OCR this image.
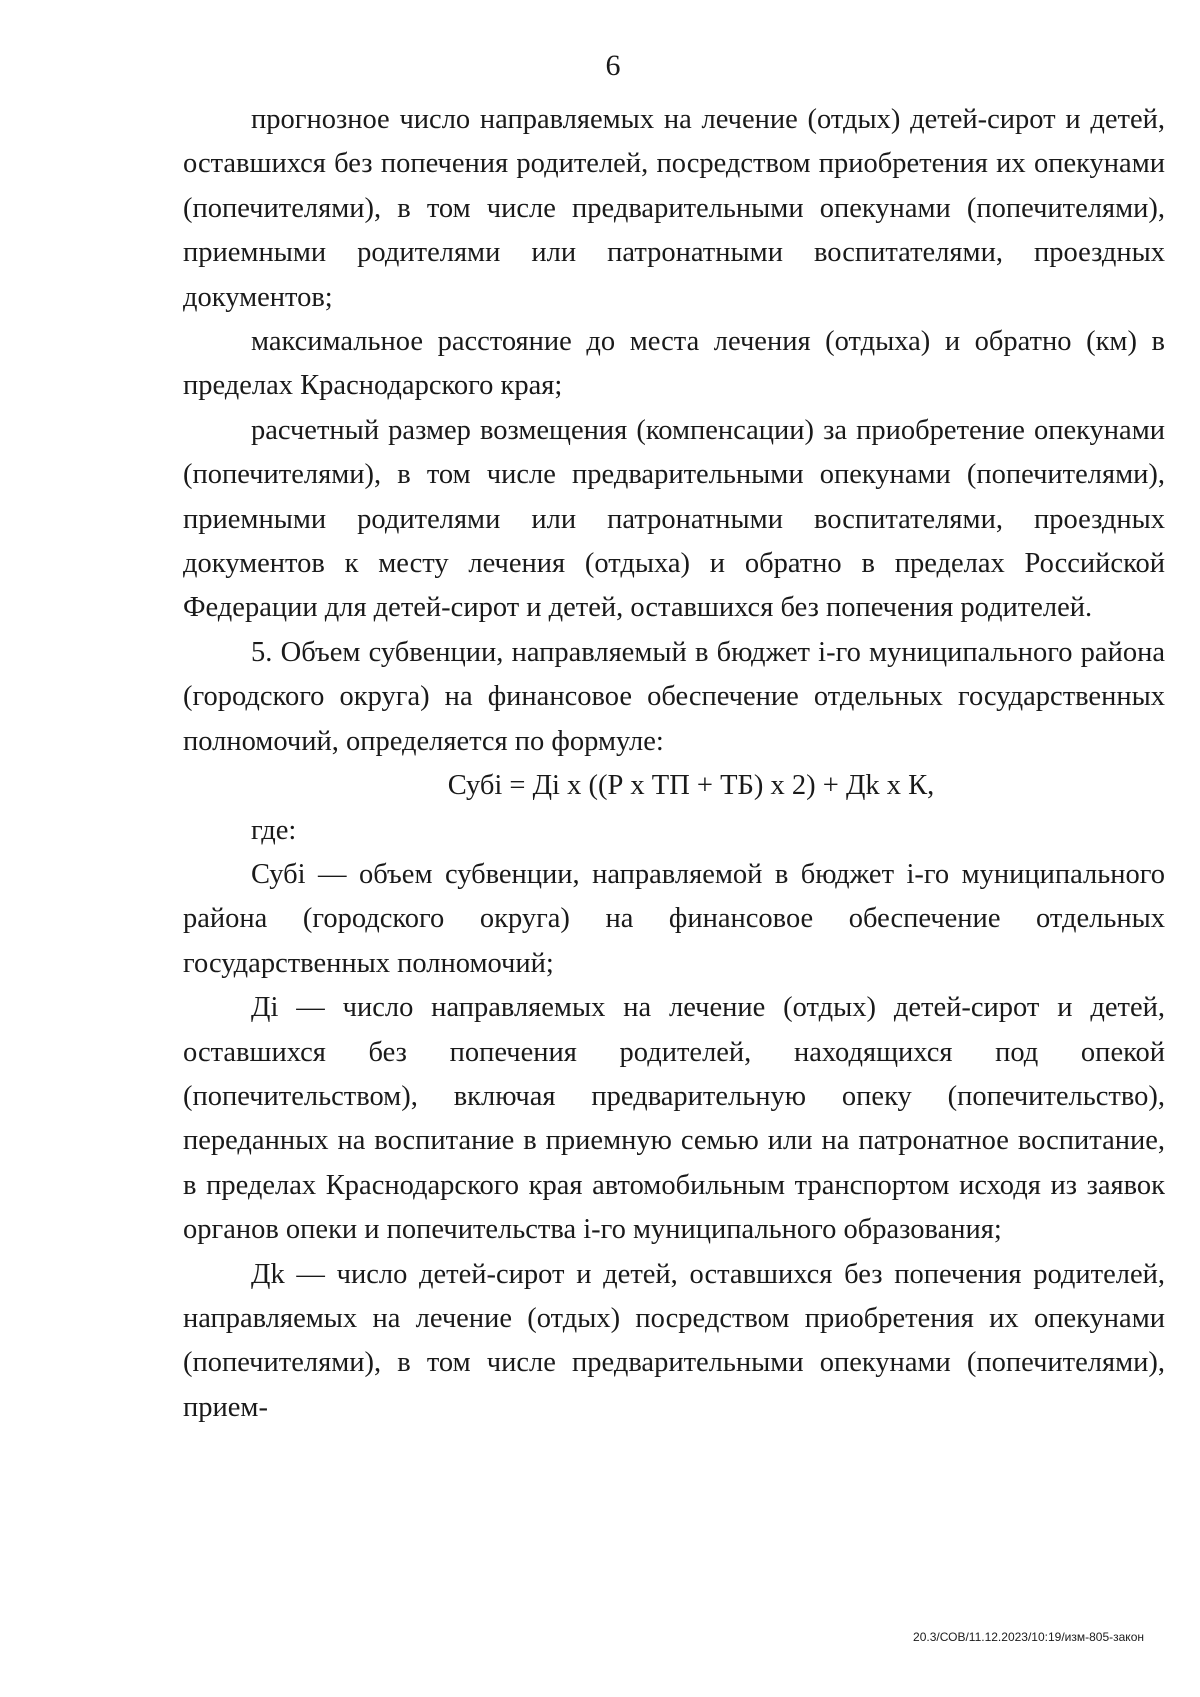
6

прогнозное число направляемых на лечение (отдых) детей-сирот и детей, оставшихся без попечения родителей, посредством приобретения их опекунами (попечителями), в том числе предварительными опекунами (попечителями), приемными родителями или патронатными воспитателями, проездных документов;

максимальное расстояние до места лечения (отдыха) и обратно (км) в пределах Краснодарского края;

расчетный размер возмещения (компенсации) за приобретение опекунами (попечителями), в том числе предварительными опекунами (попечителями), приемными родителями или патронатными воспитателями, проездных документов к месту лечения (отдыха) и обратно в пределах Российской Федерации для детей-сирот и детей, оставшихся без попечения родителей.

5. Объем субвенции, направляемый в бюджет i-го муниципального района (городского округа) на финансовое обеспечение отдельных государственных полномочий, определяется по формуле:

Субi = Дi x ((Р x ТП + ТБ) x 2) + Дk x К,

где:

Субi — объем субвенции, направляемой в бюджет i-го муниципального района (городского округа) на финансовое обеспечение отдельных государственных полномочий;

Дi — число направляемых на лечение (отдых) детей-сирот и детей, оставшихся без попечения родителей, находящихся под опекой (попечительством), включая предварительную опеку (попечительство), переданных на воспитание в приемную семью или на патронатное воспитание, в пределах Краснодарского края автомобильным транспортом исходя из заявок органов опеки и попечительства i-го муниципального образования;

Дk — число детей-сирот и детей, оставшихся без попечения родителей, направляемых на лечение (отдых) посредством приобретения их опекунами (попечителями), в том числе предварительными опекунами (попечителями), прием-

20.3/СОВ/11.12.2023/10:19/изм-805-закон
